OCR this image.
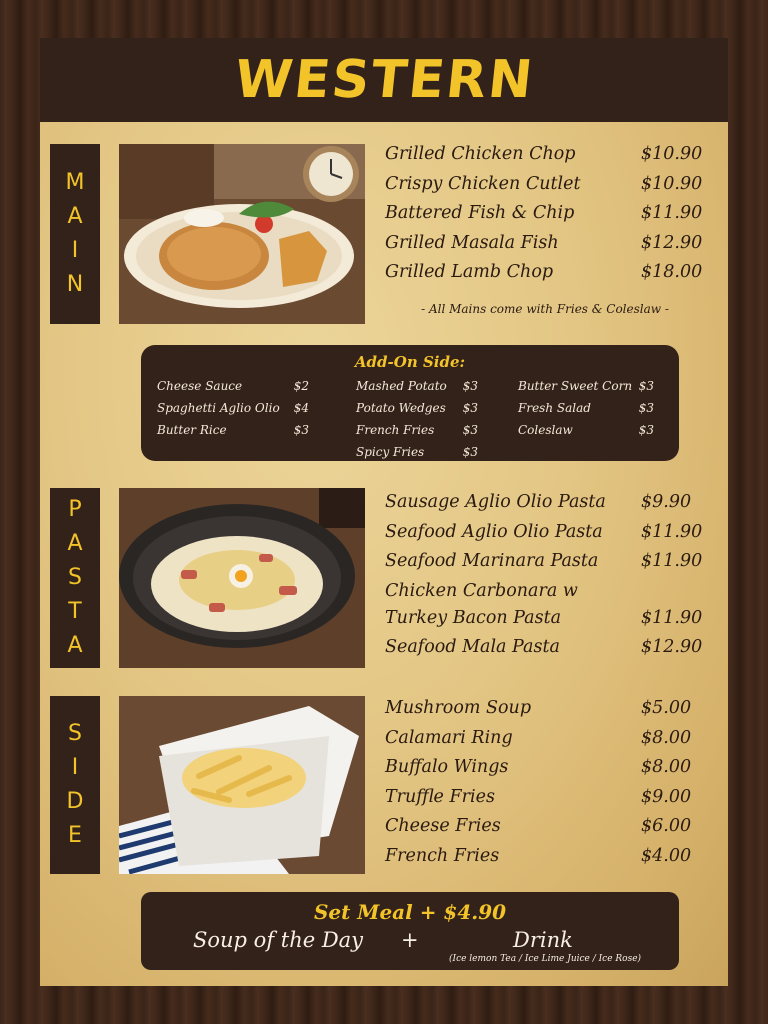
WESTERN
M
A
I
N
Grilled Chicken Chop	$10.90
Crispy Chicken Cutlet	$10.90
Battered Fish & Chip	$11.90
Grilled Masala Fish	$12.90
Grilled Lamb Chop	$18.00
- All Mains come with Fries & Coleslaw -
Add-On Side:
Cheese Sauce	$2
Spaghetti Aglio Olio $4
Butter Rice	$3
Mashed Potato $3
Potato Wedges $3
French Fries $3
Spicy Fries	$3
Butter Sweet Corn $3
Fresh Salad	$3
Coleslaw	$3
P
A
S
T
A
Sausage Aglio Olio Pasta $9.90
Seafood Aglio Olio Pasta $11.90
Seafood Marinara Pasta $11.90
Chicken Carbonara w
Turkey Bacon Pasta	$11.90
Seafood Mala Pasta	$12.90
S
I
D
E
Mushroom Soup	$5.00
Calamari Ring	$8.00
Buffalo Wings	$8.00
Truffle Fries	$9.00
Cheese Fries	$6.00
French Fries	$4.00
Set Meal + $4.90
Soup of the Day +	Drink
(Ice lemon Tea / Ice Lime Juice / Ice Rose)
